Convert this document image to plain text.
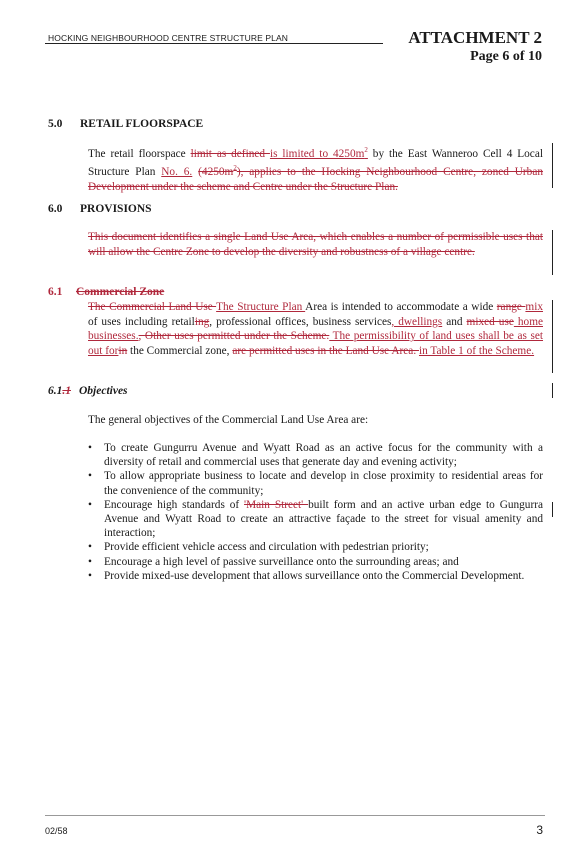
HOCKING NEIGHBOURHOOD CENTRE STRUCTURE PLAN	ATTACHMENT 2
Page 6 of 10
5.0 RETAIL FLOORSPACE
The retail floorspace limit as defined is limited to $4250m^2$ by the East Wanneroo Cell 4 Local Structure Plan No. 6. $(4250m^2)$, applies to the Hocking Neighbourhood Centre, zoned Urban Development under the scheme and Centre under the Structure Plan.
6.0 PROVISIONS
This document identifies a single Land Use Area, which enables a number of permissible uses that will allow the Centre Zone to develop the diversity and robustness of a village centre.
6.1 Commercial Zone
The Commercial Land Use The Structure Plan Area is intended to accommodate a wide range mix of uses including retailing, professional offices, business services, dwellings and mixed use home businesses., Other uses permitted under the Scheme. The permissibility of land uses shall be as set out forin the Commercial zone, are permitted uses in the Land Use Area. in Table 1 of the Scheme.
6.1.1 Objectives
The general objectives of the Commercial Land Use Area are:
• To create Gungurru Avenue and Wyatt Road as an active focus for the community with a diversity of retail and commercial uses that generate day and evening activity;
• To allow appropriate business to locate and develop in close proximity to residential areas for the convenience of the community;
• Encourage high standards of 'Main Street' built form and an active urban edge to Gungurra Avenue and Wyatt Road to create an attractive façade to the street for visual amenity and interaction;
• Provide efficient vehicle access and circulation with pedestrian priority;
• Encourage a high level of passive surveillance onto the surrounding areas; and
• Provide mixed-use development that allows surveillance onto the Commercial Development.
02/58	3
